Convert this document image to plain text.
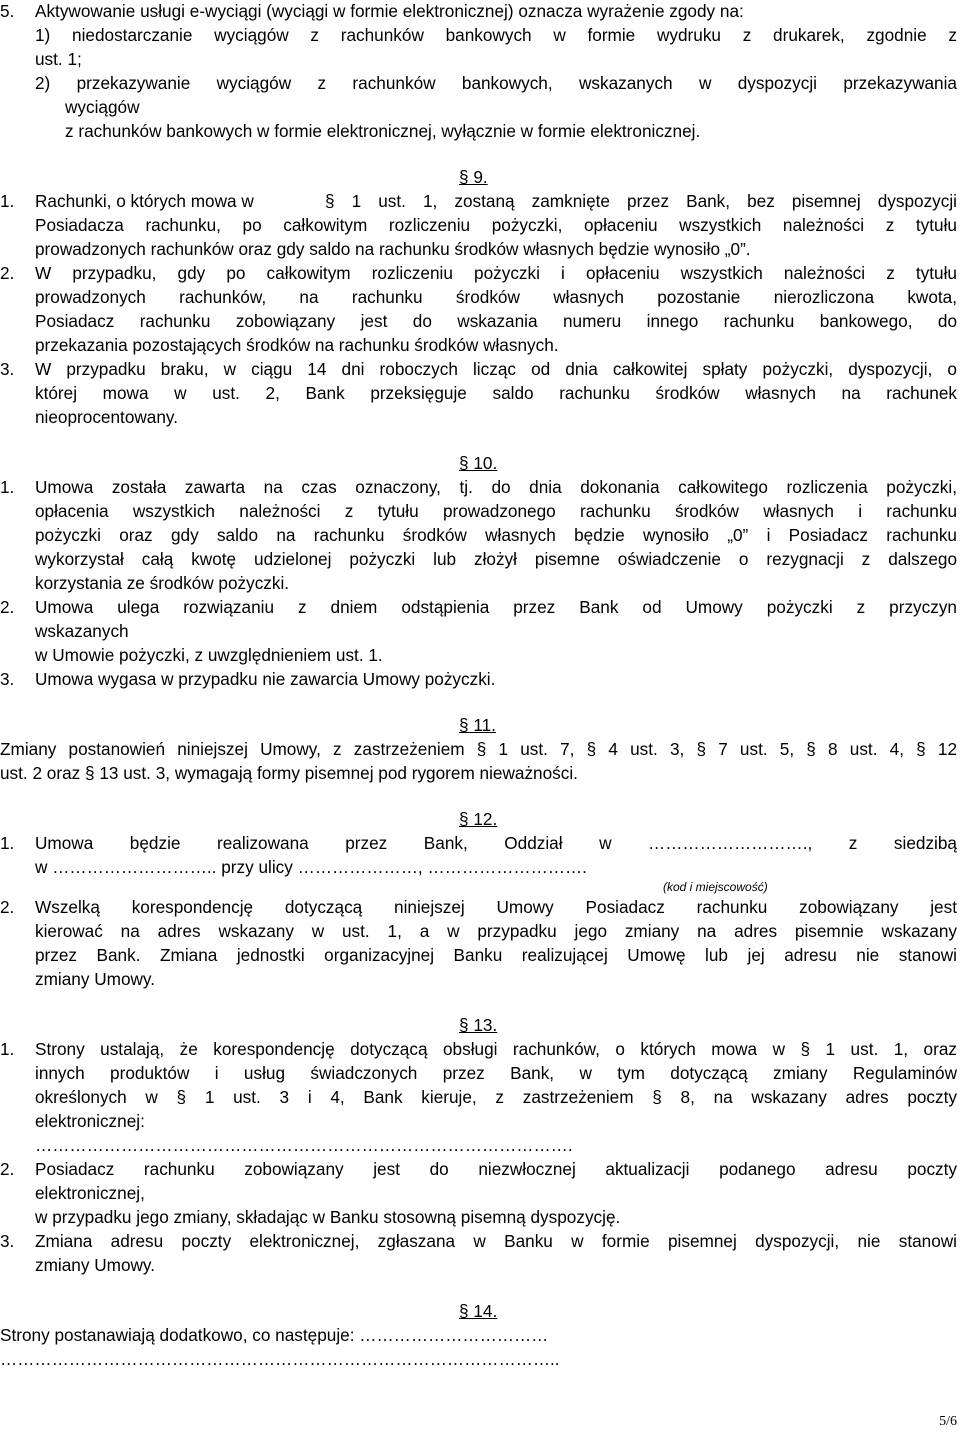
5. Aktywowanie usługi e-wyciągi (wyciągi w formie elektronicznej) oznacza wyrażenie zgody na:
1) niedostarczanie wyciągów z rachunków bankowych w formie wydruku z drukarek, zgodnie z
ust. 1;
2) przekazywanie wyciągów z rachunków bankowych, wskazanych w dyspozycji przekazywania
wyciągów
z rachunków bankowych w formie elektronicznej, wyłącznie w formie elektronicznej.
§ 9.
1. Rachunki, o których mowa w	§ 1 ust. 1, zostaną zamknięte przez Bank, bez pisemnej dyspozycji
Posiadacza rachunku, po całkowitym rozliczeniu pożyczki, opłaceniu wszystkich należności z tytułu
prowadzonych rachunków oraz gdy saldo na rachunku środków własnych będzie wynosiło „0”.
2. W przypadku, gdy po całkowitym rozliczeniu pożyczki i opłaceniu wszystkich należności z tytułu
prowadzonych rachunków, na rachunku środków własnych pozostanie nierozliczona kwota,
Posiadacz rachunku zobowiązany jest do wskazania numeru innego rachunku bankowego, do
przekazania pozostających środków na rachunku środków własnych.
3. W przypadku braku, w ciągu 14 dni roboczych licząc od dnia całkowitej spłaty pożyczki, dyspozycji, o
której mowa w ust. 2, Bank przeksięguje saldo rachunku środków własnych na rachunek
nieoprocentowany.
§ 10.
1. Umowa została zawarta na czas oznaczony, tj. do dnia dokonania całkowitego rozliczenia pożyczki,
opłacenia wszystkich należności z tytułu prowadzonego rachunku środków własnych i rachunku
pożyczki oraz gdy saldo na rachunku środków własnych będzie wynosiło „0” i Posiadacz rachunku
wykorzystał całą kwotę udzielonej pożyczki lub złożył pisemne oświadczenie o rezygnacji z dalszego
korzystania ze środków pożyczki.
2. Umowa ulega rozwiązaniu z dniem odstąpienia przez Bank od Umowy pożyczki z przyczyn
wskazanych
w Umowie pożyczki, z uwzględnieniem ust. 1.
3. Umowa wygasa w przypadku nie zawarcia Umowy pożyczki.
§ 11.
Zmiany postanowień niniejszej Umowy, z zastrzeżeniem § 1 ust. 7, § 4 ust. 3, § 7 ust. 5, § 8 ust. 4, § 12
ust. 2 oraz § 13 ust. 3, wymagają formy pisemnej pod rygorem nieważności.
§ 12.
1. Umowa będzie realizowana przez Bank, Oddział w ………………………., z siedzibą
w ……………………….. przy ulicy …………………, ……………………….
(kod i miejscowość)
2. Wszelką korespondencję dotyczącą niniejszej Umowy Posiadacz rachunku zobowiązany jest
kierować na adres wskazany w ust. 1, a w przypadku jego zmiany na adres pisemnie wskazany
przez Bank. Zmiana jednostki organizacyjnej Banku realizującej Umowę lub jej adresu nie stanowi
zmiany Umowy.
§ 13.
1. Strony ustalają, że korespondencję dotyczącą obsługi rachunków, o których mowa w § 1 ust. 1, oraz
innych produktów i usług świadczonych przez Bank, w tym dotyczącą zmiany Regulaminów
określonych w § 1 ust. 3 i 4, Bank kieruje, z zastrzeżeniem § 8, na wskazany adres poczty
elektronicznej:
………………………………………………………………………………….
2. Posiadacz rachunku zobowiązany jest do niezwłocznej aktualizacji podanego adresu poczty
elektronicznej,
w przypadku jego zmiany, składając w Banku stosowną pisemną dyspozycję.
3. Zmiana adresu poczty elektronicznej, zgłaszana w Banku w formie pisemnej dyspozycji, nie stanowi
zmiany Umowy.
§ 14.
Strony postanawiają dodatkowo, co następuje: ……………………………
……………………………………………………………………………………..
5/6
